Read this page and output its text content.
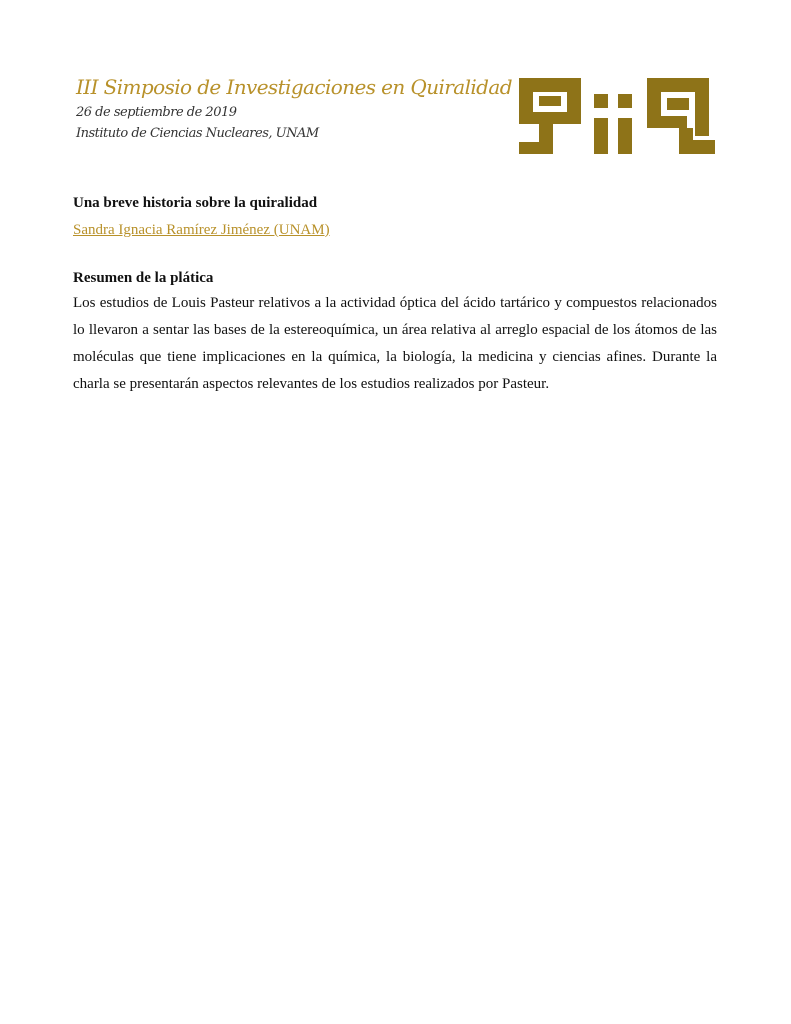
III Simposio de Investigaciones en Quiralidad

26 de septiembre de 2019

Instituto de Ciencias Nucleares, UNAM

Una breve historia sobre la quiralidad

Sandra Ignacia Ramírez Jiménez (UNAM)

Resumen de la plática

Los estudios de Louis Pasteur relativos a la actividad óptica del ácido tartárico y compuestos relacionados lo llevaron a sentar las bases de la estereoquímica, un área relativa al arreglo espacial de los átomos de las moléculas que tiene implicaciones en la química, la biología, la medicina y ciencias afines. Durante la charla se presentarán aspectos relevantes de los estudios realizados por Pasteur.
